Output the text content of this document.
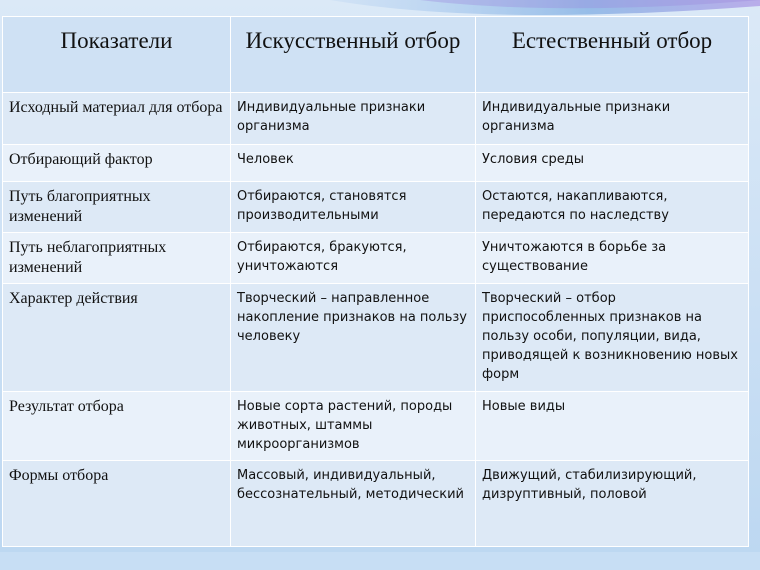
Показатели	Искусственный отбор	Естественный отбор
Исходный материал для отбора	Индивидуальные признаки организма	Индивидуальные признаки организма
Отбирающий фактор	Человек	Условия среды
Путь благоприятных изменений	Отбираются, становятся производительными	Остаются, накапливаются, передаются по наследству
Путь неблагоприятных изменений	Отбираются, бракуются, уничтожаются	Уничтожаются в борьбе за существование
Характер действия	Творческий – направленное накопление признаков на пользу человеку	Творческий – отбор приспособленных признаков на пользу особи, популяции, вида, приводящей к возникновению новых форм
Результат отбора	Новые сорта растений, породы животных, штаммы микроорганизмов	Новые виды
Формы отбора	Массовый, индивидуальный, бессознательный, методический	Движущий, стабилизирующий, дизруптивный, половой
